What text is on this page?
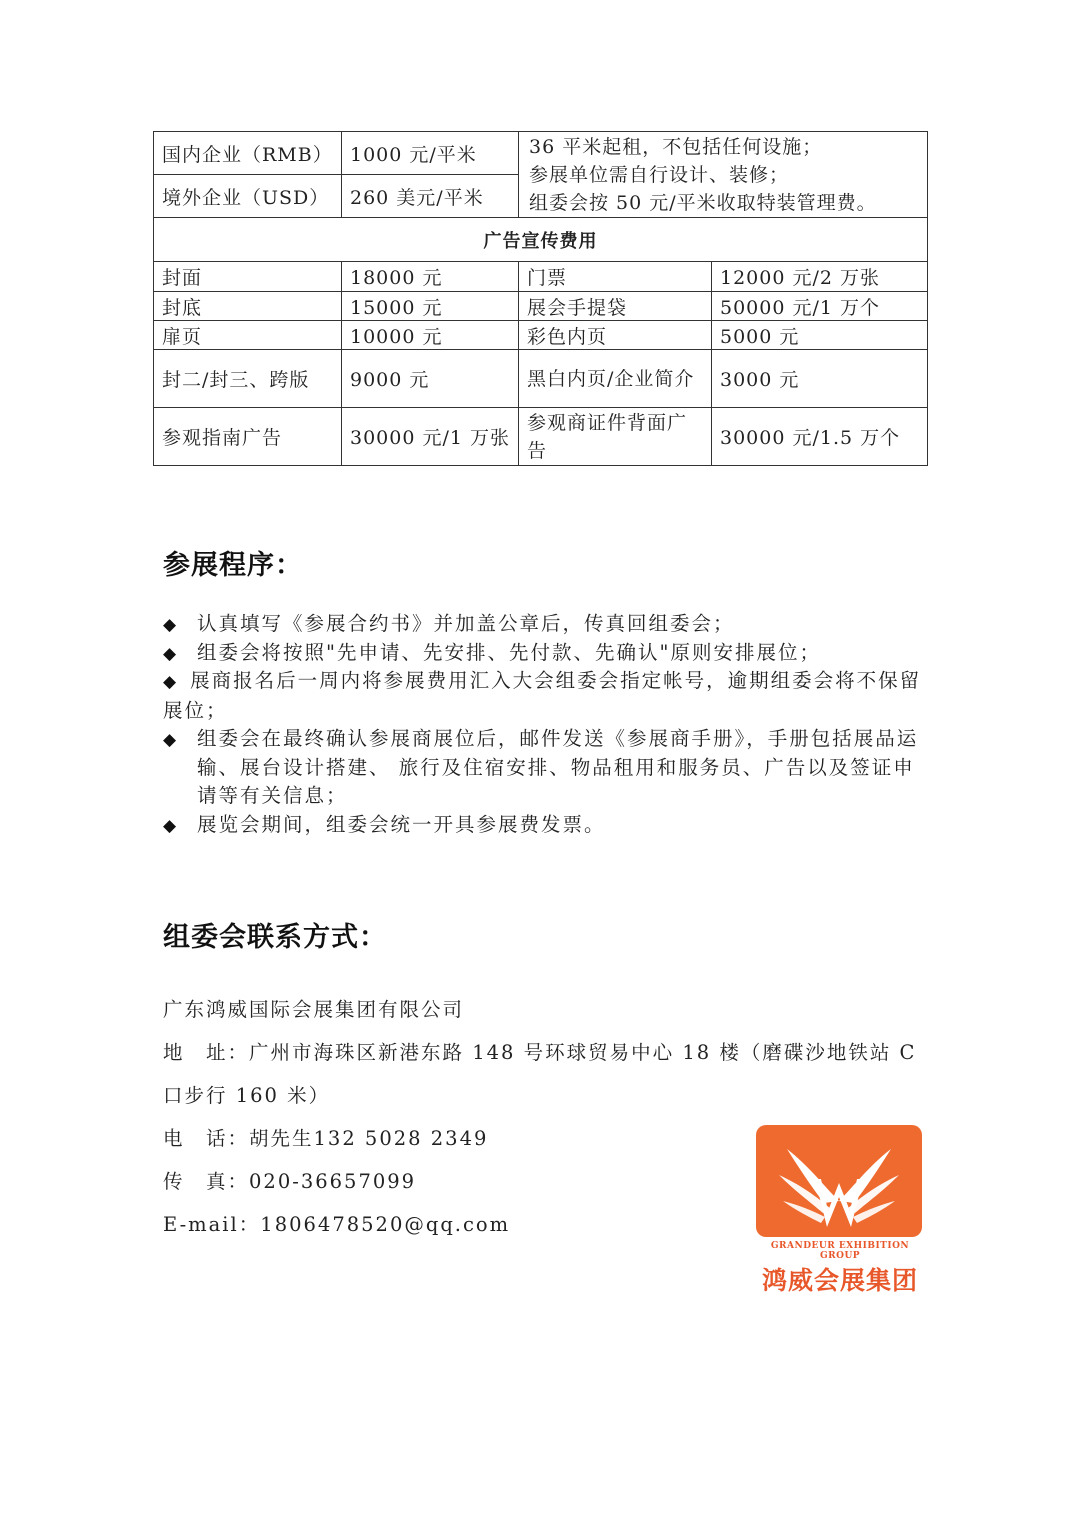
国内企业（RMB）	1000 元/平米	36 平米起租，不包括任何设施；
参展单位需自行设计、装修；
组委会按 50 元/平米收取特装管理费。	

境外企业（USD）	260 美元/平米		
广告宣传费用			
封面	18000 元	门票	12000 元/2 万张
封底	15000 元	展会手提袋	50000 元/1 万个
扉页	10000 元	彩色内页	5000 元
封二/封三、跨版	9000 元	黑白内页/企业简介	3000 元
参观指南广告	30000 元/1 万张	参观商证件背面广告	30000 元/1.5 万个
参展程序：
◆ 认真填写《参展合约书》并加盖公章后，传真回组委会；
◆ 组委会将按照"先申请、先安排、先付款、先确认"原则安排展位；
◆ 展商报名后一周内将参展费用汇入大会组委会指定帐号，逾期组委会将不保留展位；
◆ 组委会在最终确认参展商展位后，邮件发送《参展商手册》，手册包括展品运输、展台设计搭建、 旅行及住宿安排、物品租用和服务员、广告以及签证申请等有关信息；
◆ 展览会期间，组委会统一开具参展费发票。
组委会联系方式：

广东鸿威国际会展集团有限公司

地　址：广州市海珠区新港东路 148 号环球贸易中心 18 楼（磨碟沙地铁站 C 口步行 160 米）

电　话：胡先生132 5028 2349

传　真：020-36657099

E-mail：1806478520@qq.com

GRANDEUR EXHIBITION GROUP
鸿威会展集团
